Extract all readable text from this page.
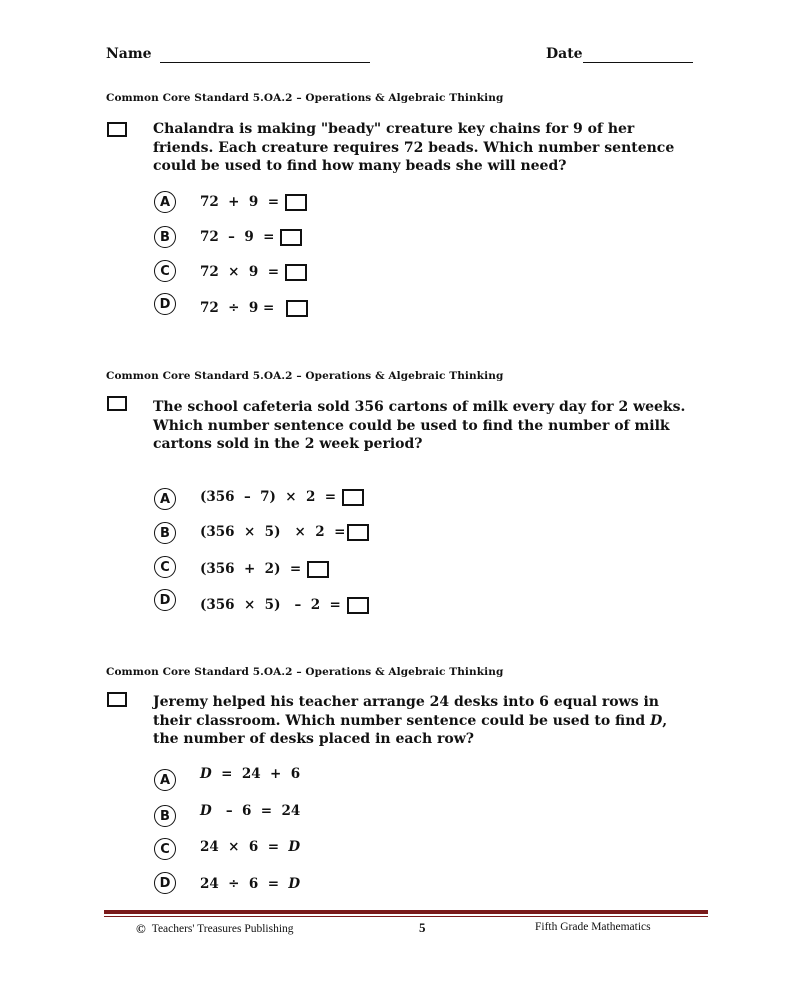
Name	Date
Common Core Standard 5.OA.2 – Operations & Algebraic Thinking
Chalandra is making "beady" creature key chains for 9 of her
friends. Each creature requires 72 beads. Which number sentence
could be used to find how many beads she will need?
A	72  +  9  =
B	72  –  9  =
C	72  ×  9  =
D	72  ÷  9 =
Common Core Standard 5.OA.2 – Operations & Algebraic Thinking
The school cafeteria sold 356 cartons of milk every day for 2 weeks.
Which number sentence could be used to find the number of milk
cartons sold in the 2 week period?
A	(356  –  7)  ×  2  =
B	(356  ×  5)   ×  2  =
C	(356  +  2)  =
D	(356  ×  5)   –  2  =
Common Core Standard 5.OA.2 – Operations & Algebraic Thinking
Jeremy helped his teacher arrange 24 desks into 6 equal rows in
their classroom. Which number sentence could be used to find D,
the number of desks placed in each row?
A	D =  24  +  6
B	D –  6  =  24
C	24  ×  6  = D
D	24  ÷  6  = D
© Teachers' Treasures Publishing	5	Fifth Grade Mathematics
